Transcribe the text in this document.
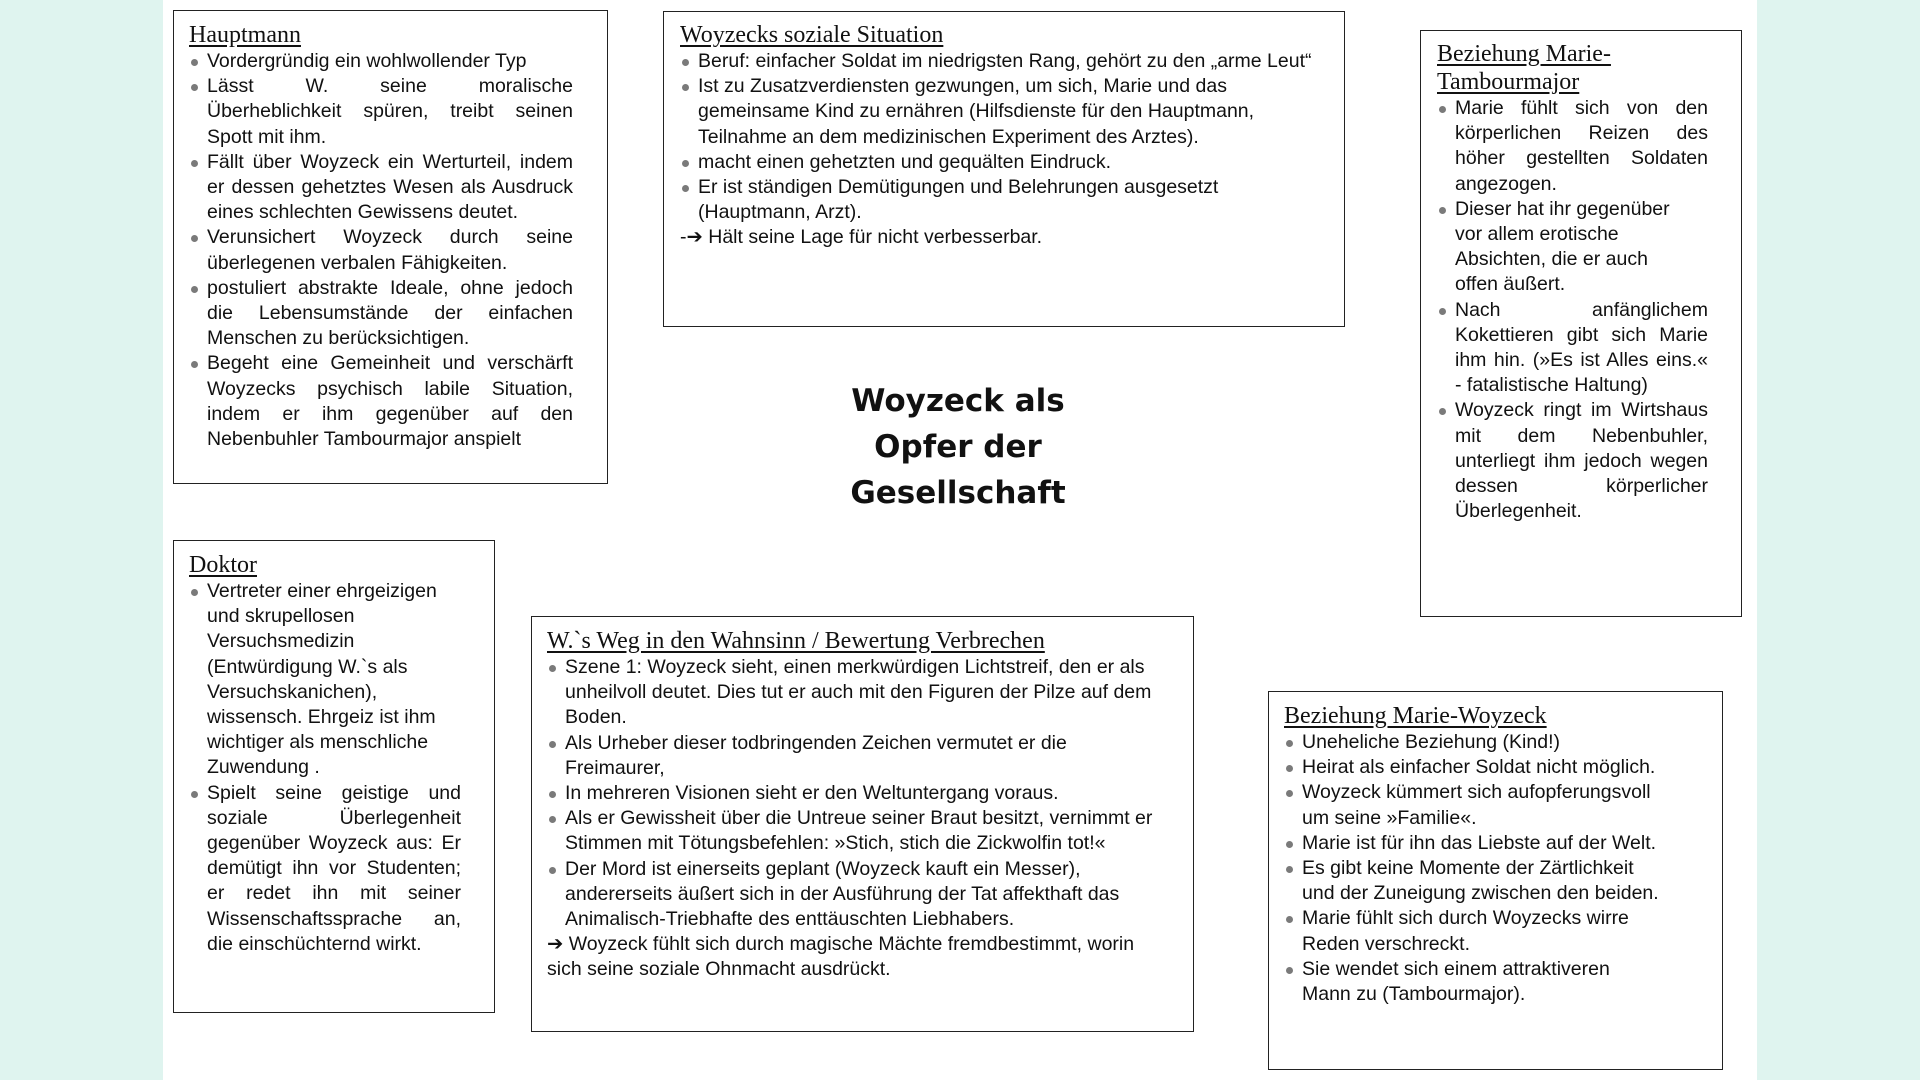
Hauptmann
Vordergründig ein wohlwollender Typ
Lässt W. seine moralische Überheblichkeit spüren, treibt seinen Spott mit ihm.
Fällt über Woyzeck ein Werturteil, indem er dessen gehetztes Wesen als Ausdruck eines schlechten Gewissens deutet.
Verunsichert Woyzeck durch seine überlegenen verbalen Fähigkeiten.
postuliert abstrakte Ideale, ohne jedoch die Lebensumstände der einfachen Menschen zu berücksichtigen.
Begeht eine Gemeinheit und verschärft Woyzecks psychisch labile Situation, indem er ihm gegenüber auf den Nebenbuhler Tambourmajor anspielt
Woyzecks soziale Situation
Beruf: einfacher Soldat im niedrigsten Rang, gehört zu den „arme Leut“
Ist zu Zusatzverdiensten gezwungen, um sich, Marie und das gemeinsame Kind zu ernähren (Hilfsdienste für den Hauptmann, Teilnahme an dem medizinischen Experiment des Arztes).
macht einen gehetzten und gequälten Eindruck.
Er ist ständigen Demütigungen und Belehrungen ausgesetzt (Hauptmann, Arzt).
-➔ Hält seine Lage für nicht verbesserbar.
Woyzeck als
Opfer der
Gesellschaft
Beziehung Marie-Tambourmajor
Marie fühlt sich von den körperlichen Reizen des höher gestellten Soldaten angezogen.
Dieser hat ihr gegenüber vor allem erotische Absichten, die er auch offen äußert.
Nach anfänglichem Kokettieren gibt sich Marie ihm hin. (»Es ist Alles eins.« - fatalistische Haltung)
Woyzeck ringt im Wirtshaus mit dem Nebenbuhler, unterliegt ihm jedoch wegen dessen körperlicher Überlegenheit.
Doktor
Vertreter einer ehrgeizigen und skrupellosen Versuchsmedizin (Entwürdigung W.`s als Versuchskanichen), wissensch. Ehrgeiz ist ihm wichtiger als menschliche Zuwendung .
Spielt seine geistige und soziale Überlegenheit gegenüber Woyzeck aus: Er demütigt ihn vor Studenten; er redet ihn mit seiner Wissenschaftssprache an, die einschüchternd wirkt.
W.`s Weg in den Wahnsinn / Bewertung Verbrechen
Szene 1: Woyzeck sieht, einen merkwürdigen Lichtstreif, den er als unheilvoll deutet. Dies tut er auch mit den Figuren der Pilze auf dem Boden.
Als Urheber dieser todbringenden Zeichen vermutet er die Freimaurer,
In mehreren Visionen sieht er den Weltuntergang voraus.
Als er Gewissheit über die Untreue seiner Braut besitzt, vernimmt er Stimmen mit Tötungsbefehlen: »Stich, stich die Zickwolfin tot!«
Der Mord ist einerseits geplant (Woyzeck kauft ein Messer), andererseits äußert sich in der Ausführung der Tat affekthaft das Animalisch-Triebhafte des enttäuschten Liebhabers.
➔ Woyzeck fühlt sich durch magische Mächte fremdbestimmt, worin sich seine soziale Ohnmacht ausdrückt.
Beziehung Marie-Woyzeck
Uneheliche Beziehung (Kind!)
Heirat als einfacher Soldat nicht möglich.
Woyzeck kümmert sich aufopferungsvoll um seine »Familie«.
Marie ist für ihn das Liebste auf der Welt.
Es gibt keine Momente der Zärtlichkeit und der Zuneigung zwischen den beiden.
Marie fühlt sich durch Woyzecks wirre Reden verschreckt.
Sie wendet sich einem attraktiveren Mann zu (Tambourmajor).
